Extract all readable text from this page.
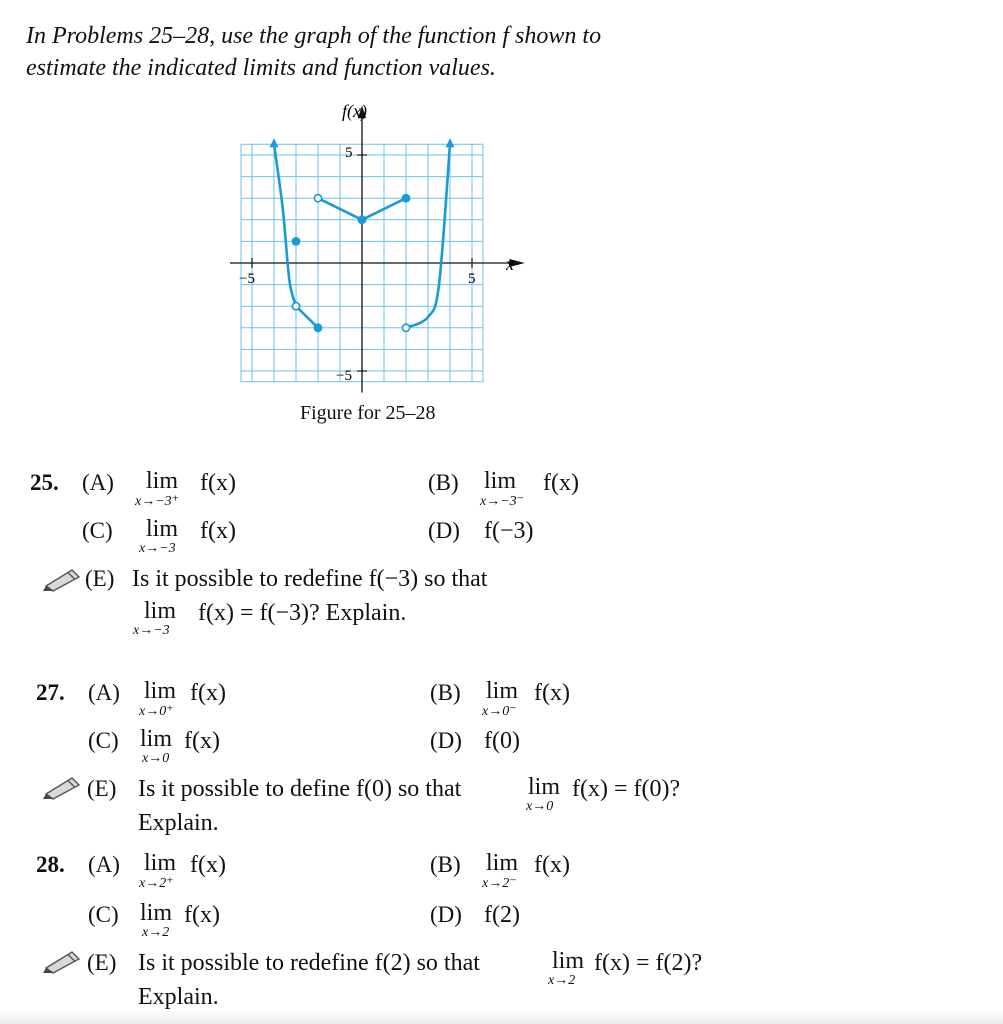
In Problems 25–28, use the graph of the function f shown to
estimate the indicated limits and function values.
f(x)
x
−5	5
5
−5
Figure for 25–28
25. (A) lim
x→−3⁺
f(x)	(B) lim
x→−3⁻
f(x)
(C) lim
x→−3
f(x)	(D) f(−3)
(E) Is it possible to redefine f(−3) so that
lim
x→−3
f(x) = f(−3)? Explain.
27. (A) lim
x→0⁺
f(x)	(B) lim
x→0⁻
f(x)
(C) lim
x→0
f(x)	(D) f(0)
(E) Is it possible to define f(0) so that	lim
x→0
f(x) = f(0)?
Explain.
28. (A) lim
x→2⁺
f(x)	(B) lim
x→2⁻
f(x)
(C) lim
x→2
f(x)	(D) f(2)
(E) Is it possible to redefine f(2) so that	lim
x→2
f(x) = f(2)?
Explain.
